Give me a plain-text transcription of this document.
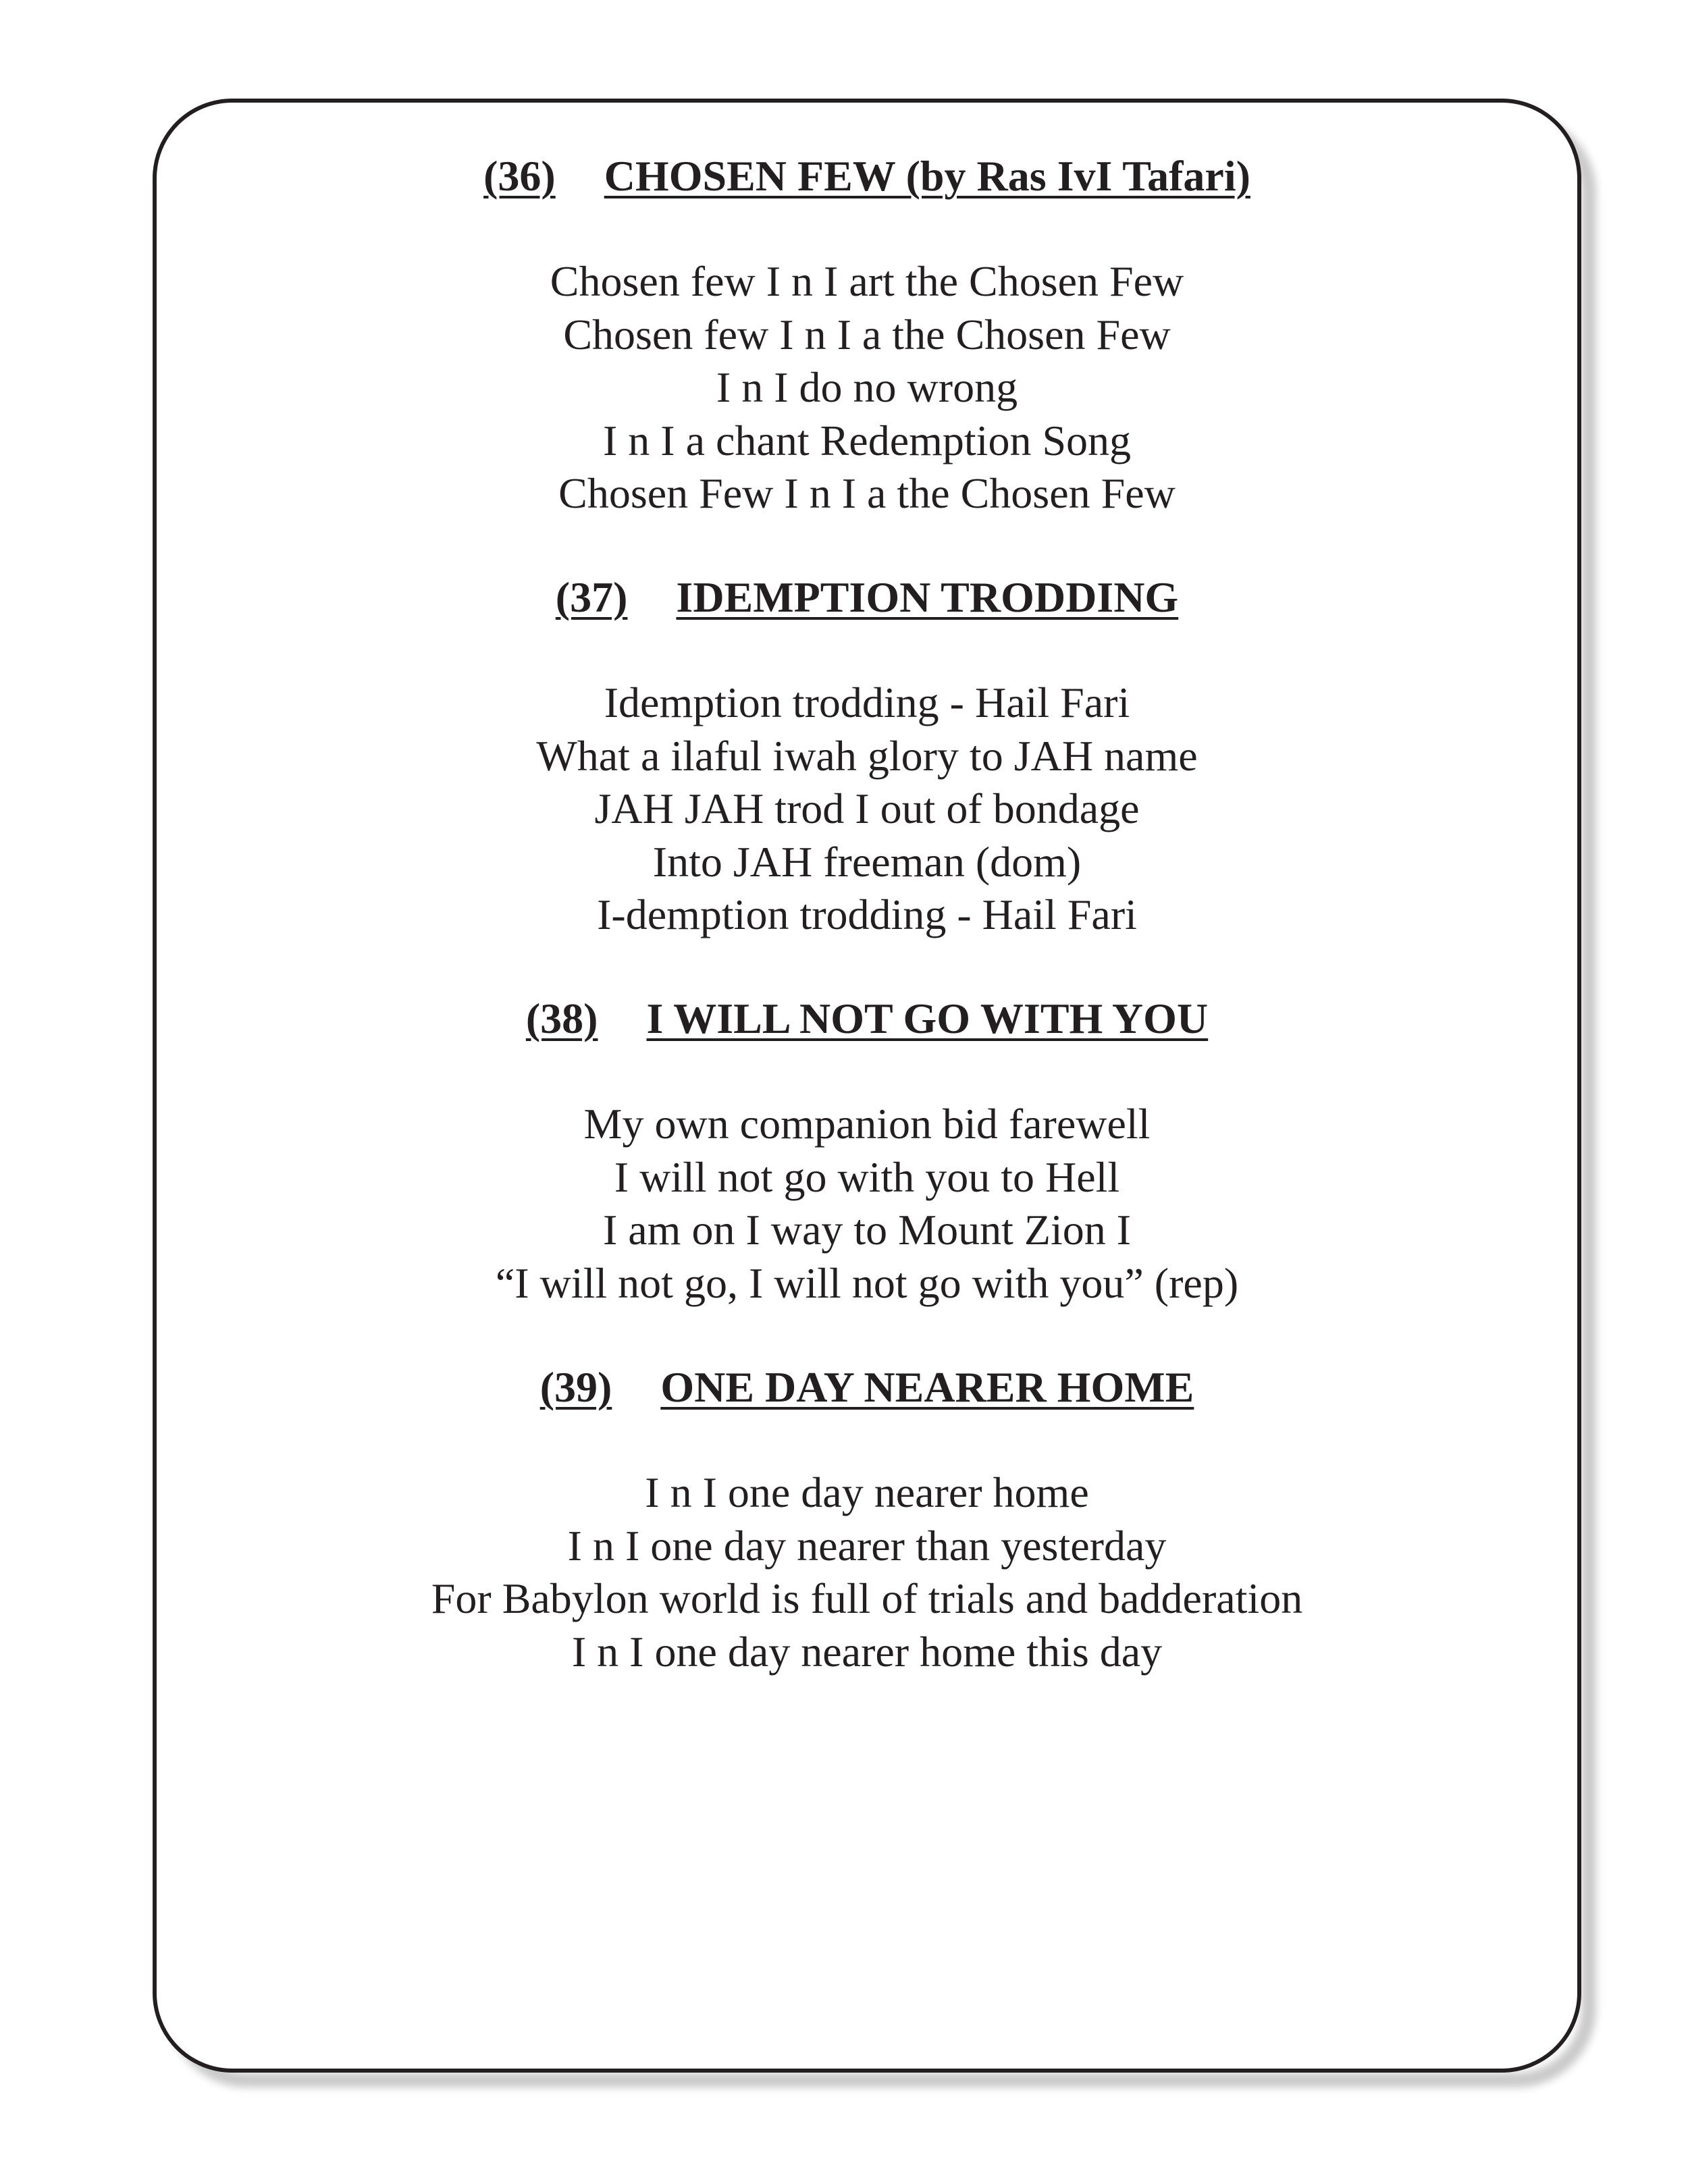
(36) CHOSEN FEW (by Ras IvI Tafari)
Chosen few I n I art the Chosen Few
Chosen few I n I a the Chosen Few
I n I do no wrong
I n I a chant Redemption Song
Chosen Few I n I a the Chosen Few
(37) IDEMPTION TRODDING
Idemption trodding - Hail Fari
What a ilaful iwah glory to JAH name
JAH JAH trod I out of bondage
Into JAH freeman (dom)
I-demption trodding - Hail Fari
(38) I WILL NOT GO WITH YOU
My own companion bid farewell
I will not go with you to Hell
I am on I way to Mount Zion I
“I will not go, I will not go with you” (rep)
(39) ONE DAY NEARER HOME
I n I one day nearer home
I n I one day nearer than yesterday
For Babylon world is full of trials and badderation
I n I one day nearer home this day
